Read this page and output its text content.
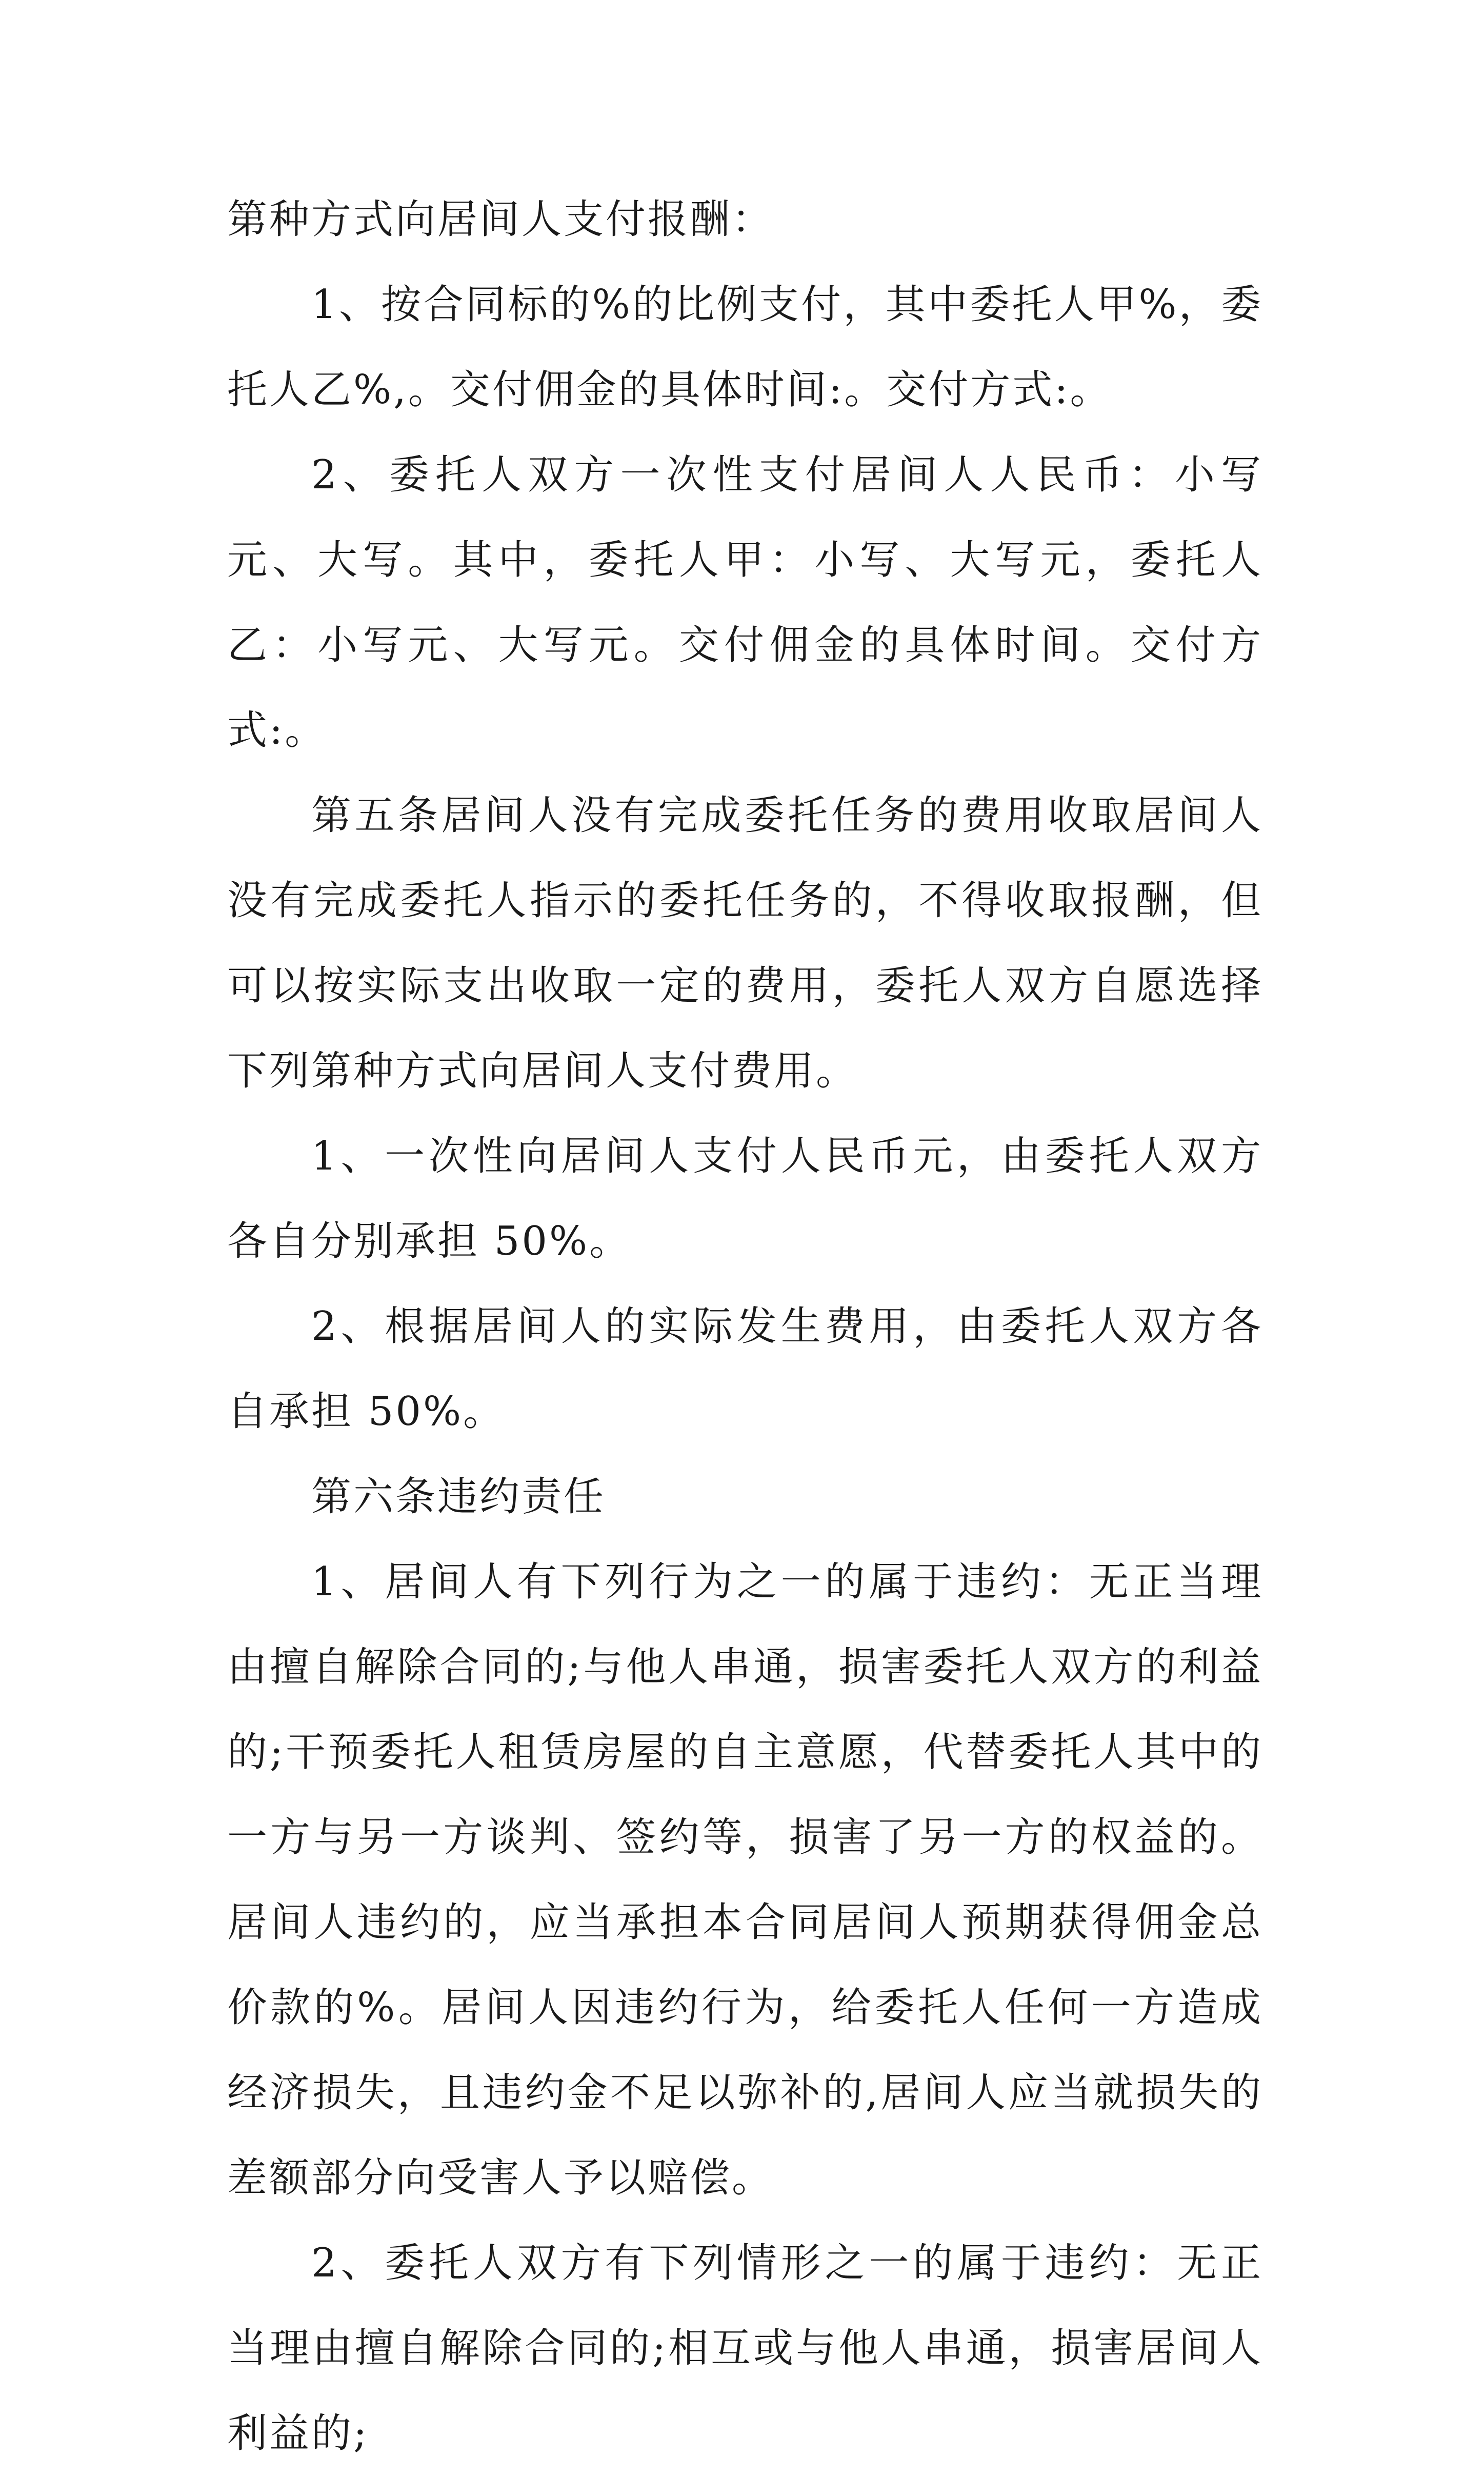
第种方式向居间人支付报酬：

1、按合同标的%的比例支付，其中委托人甲%，委托人乙%,。交付佣金的具体时间:。交付方式:。

2、委托人双方一次性支付居间人人民币：小写元、大写。其中，委托人甲：小写、大写元，委托人乙：小写元、大写元。交付佣金的具体时间。交付方式:。

第五条居间人没有完成委托任务的费用收取居间人没有完成委托人指示的委托任务的，不得收取报酬，但可以按实际支出收取一定的费用，委托人双方自愿选择下列第种方式向居间人支付费用。

1、一次性向居间人支付人民币元，由委托人双方各自分别承担 50%。

2、根据居间人的实际发生费用，由委托人双方各自承担 50%。

第六条违约责任

1、居间人有下列行为之一的属于违约：无正当理由擅自解除合同的;与他人串通，损害委托人双方的利益的;干预委托人租赁房屋的自主意愿，代替委托人其中的一方与另一方谈判、签约等，损害了另一方的权益的。居间人违约的，应当承担本合同居间人预期获得佣金总价款的%。居间人因违约行为，给委托人任何一方造成经济损失，且违约金不足以弥补的,居间人应当就损失的差额部分向受害人予以赔偿。

2、委托人双方有下列情形之一的属于违约：无正当理由擅自解除合同的;相互或与他人串通，损害居间人利益的;
